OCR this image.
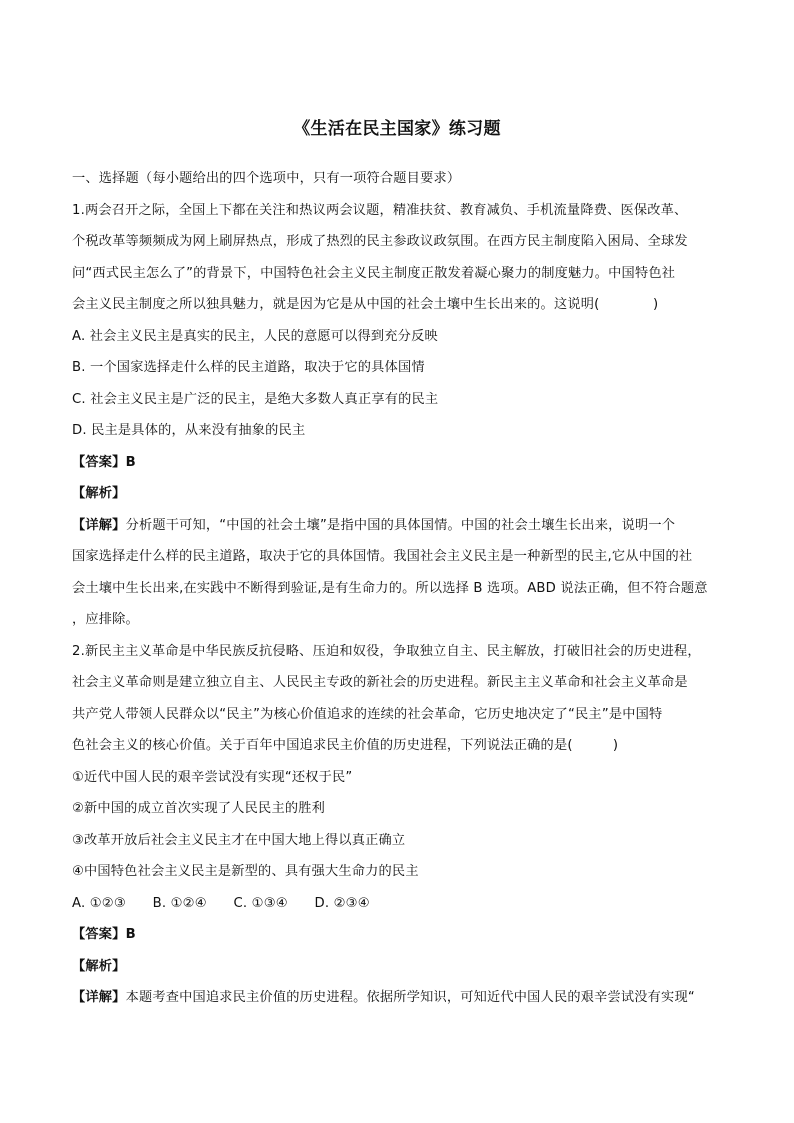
《生活在民主国家》练习题
一、选择题（每小题给出的四个选项中，只有一项符合题目要求）
1.两会召开之际，全国上下都在关注和热议两会议题，精准扶贫、教育减负、手机流量降费、医保改革、
个税改革等频频成为网上刷屏热点，形成了热烈的民主参政议政氛围。在西方民主制度陷入困局、全球发
问“西式民主怎么了”的背景下，中国特色社会主义民主制度正散发着凝心聚力的制度魅力。中国特色社
会主义民主制度之所以独具魅力，就是因为它是从中国的社会土壤中生长出来的。这说明(　　　　)
A. 社会主义民主是真实的民主，人民的意愿可以得到充分反映
B. 一个国家选择走什么样的民主道路，取决于它的具体国情
C. 社会主义民主是广泛的民主，是绝大多数人真正享有的民主
D. 民主是具体的，从来没有抽象的民主
【答案】B
【解析】
【详解】分析题干可知，“中国的社会土壤”是指中国的具体国情。中国的社会土壤生长出来，说明一个
国家选择走什么样的民主道路，取决于它的具体国情。我国社会主义民主是一种新型的民主,它从中国的社
会土壤中生长出来,在实践中不断得到验证,是有生命力的。所以选择 B 选项。ABD 说法正确，但不符合题意
，应排除。
2.新民主主义革命是中华民族反抗侵略、压迫和奴役，争取独立自主、民主解放，打破旧社会的历史进程，
社会主义革命则是建立独立自主、人民民主专政的新社会的历史进程。新民主主义革命和社会主义革命是
共产党人带领人民群众以“民主”为核心价值追求的连续的社会革命，它历史地决定了“民主”是中国特
色社会主义的核心价值。关于百年中国追求民主价值的历史进程，下列说法正确的是(　　　)
①近代中国人民的艰辛尝试没有实现“还权于民”
②新中国的成立首次实现了人民民主的胜利
③改革开放后社会主义民主才在中国大地上得以真正确立
④中国特色社会主义民主是新型的、具有强大生命力的民主
A. ①②③　　B. ①②④　　C. ①③④　　D. ②③④
【答案】B
【解析】
【详解】本题考查中国追求民主价值的历史进程。依据所学知识，可知近代中国人民的艰辛尝试没有实现“
